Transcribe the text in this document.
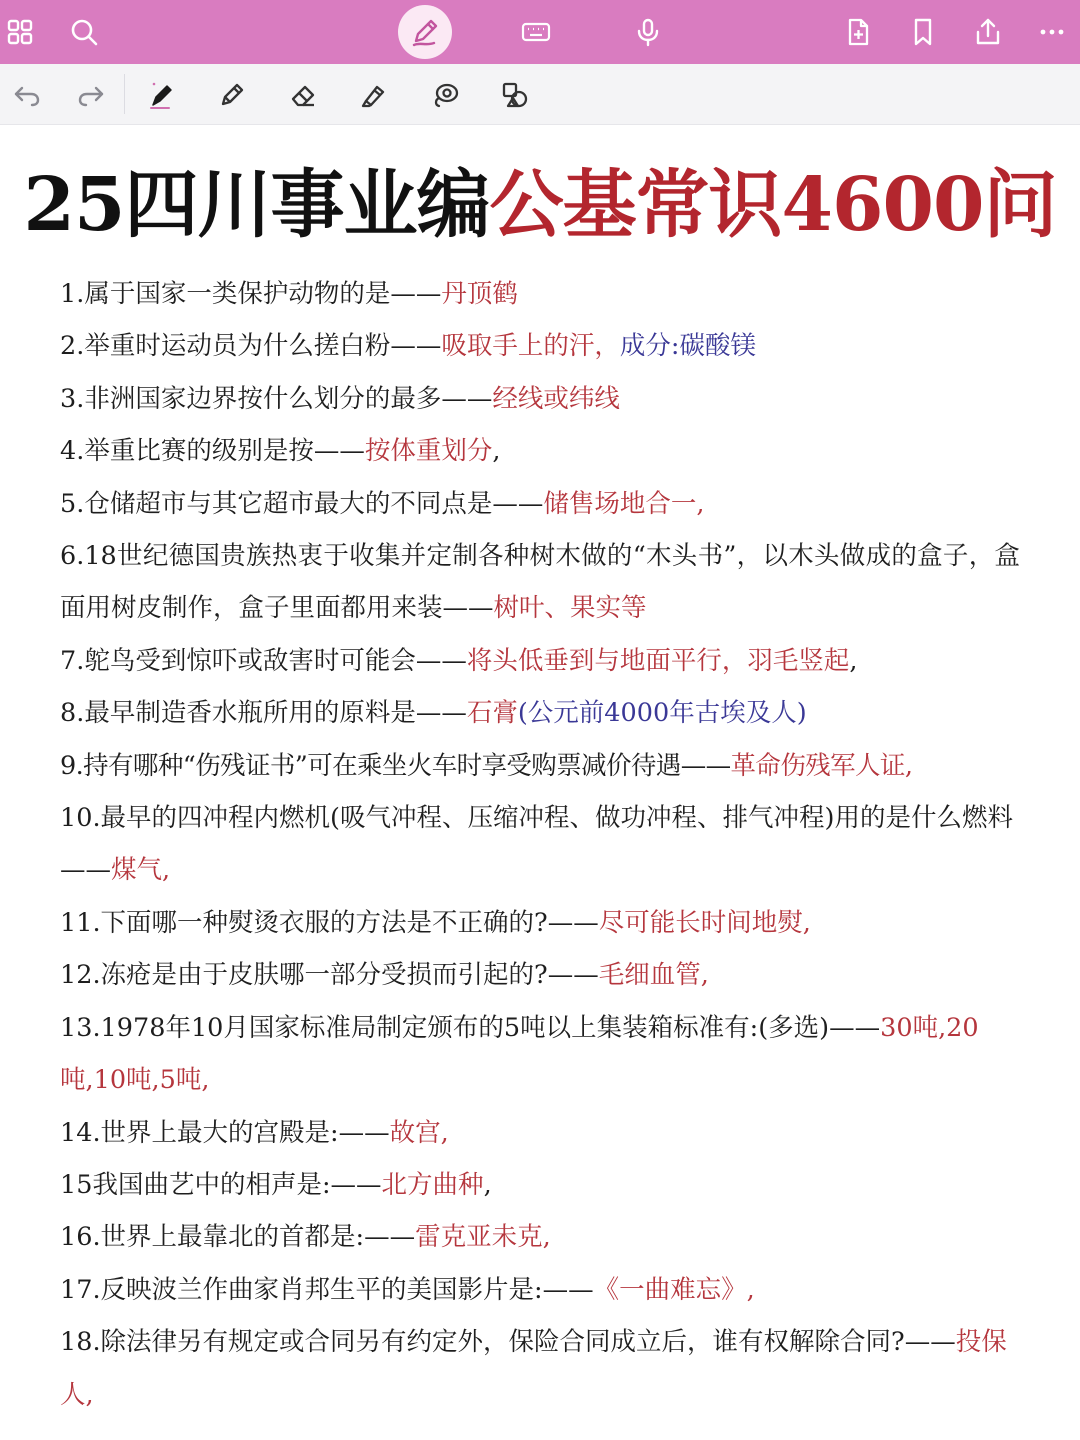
25四川事业编公基常识4600问
1.属于国家一类保护动物的是——丹顶鹤
2.举重时运动员为什么搓白粉——吸取手上的汗，成分:碳酸镁
3.非洲国家边界按什么划分的最多——经线或纬线
4.举重比赛的级别是按——按体重划分,
5.仓储超市与其它超市最大的不同点是——储售场地合一,
6.18世纪德国贵族热衷于收集并定制各种树木做的“木头书”，以木头做成的盒子，盒面用树皮制作，盒子里面都用来装——树叶、果实等
7.鸵鸟受到惊吓或敌害时可能会——将头低垂到与地面平行，羽毛竖起,
8.最早制造香水瓶所用的原料是——石膏(公元前4000年古埃及人)
9.持有哪种“伤残证书”可在乘坐火车时享受购票减价待遇——革命伤残军人证,
10.最早的四冲程内燃机(吸气冲程、压缩冲程、做功冲程、排气冲程)用的是什么燃料——煤气,
11.下面哪一种熨烫衣服的方法是不正确的?——尽可能长时间地熨,
12.冻疮是由于皮肤哪一部分受损而引起的?——毛细血管,
13.1978年10月国家标准局制定颁布的5吨以上集装箱标准有:(多选)——30吨,20吨,10吨,5吨,
14.世界上最大的宫殿是:——故宫,
15我国曲艺中的相声是:——北方曲种,
16.世界上最靠北的首都是:——雷克亚未克,
17.反映波兰作曲家肖邦生平的美国影片是:——《一曲难忘》,
18.除法律另有规定或合同另有约定外，保险合同成立后，谁有权解除合同?——投保人,
